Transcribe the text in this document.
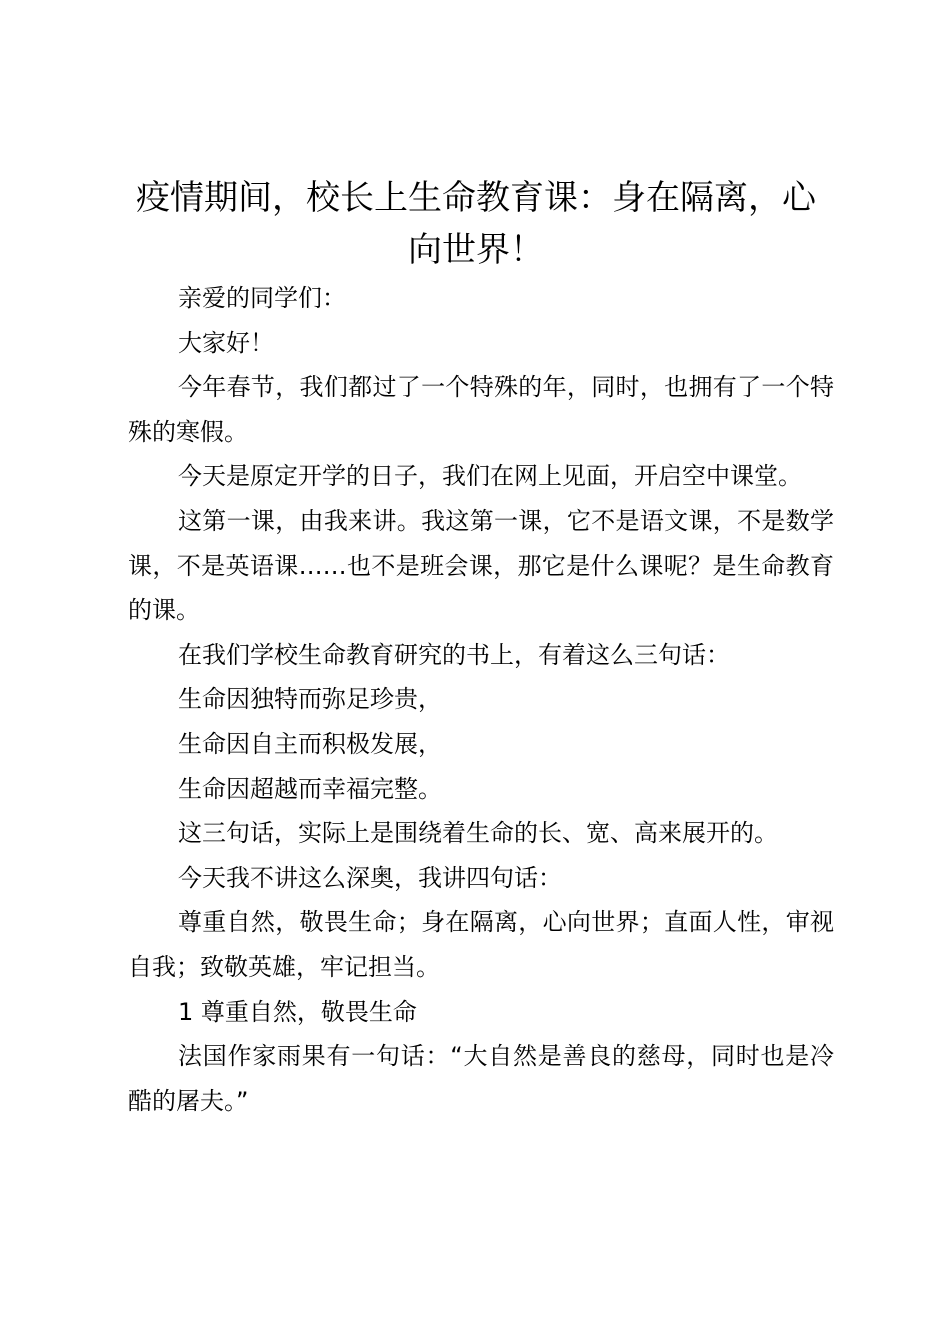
疫情期间，校长上生命教育课：身在隔离，心向世界！

亲爱的同学们：

大家好！

今年春节，我们都过了一个特殊的年，同时，也拥有了一个特殊的寒假。

今天是原定开学的日子，我们在网上见面，开启空中课堂。

这第一课，由我来讲。我这第一课，它不是语文课，不是数学课，不是英语课……也不是班会课，那它是什么课呢？是生命教育的课。

在我们学校生命教育研究的书上，有着这么三句话：

生命因独特而弥足珍贵，

生命因自主而积极发展，

生命因超越而幸福完整。

这三句话，实际上是围绕着生命的长、宽、高来展开的。

今天我不讲这么深奥，我讲四句话：

尊重自然，敬畏生命；身在隔离，心向世界；直面人性，审视自我；致敬英雄，牢记担当。

1 尊重自然，敬畏生命

法国作家雨果有一句话：“大自然是善良的慈母，同时也是冷酷的屠夫。”
